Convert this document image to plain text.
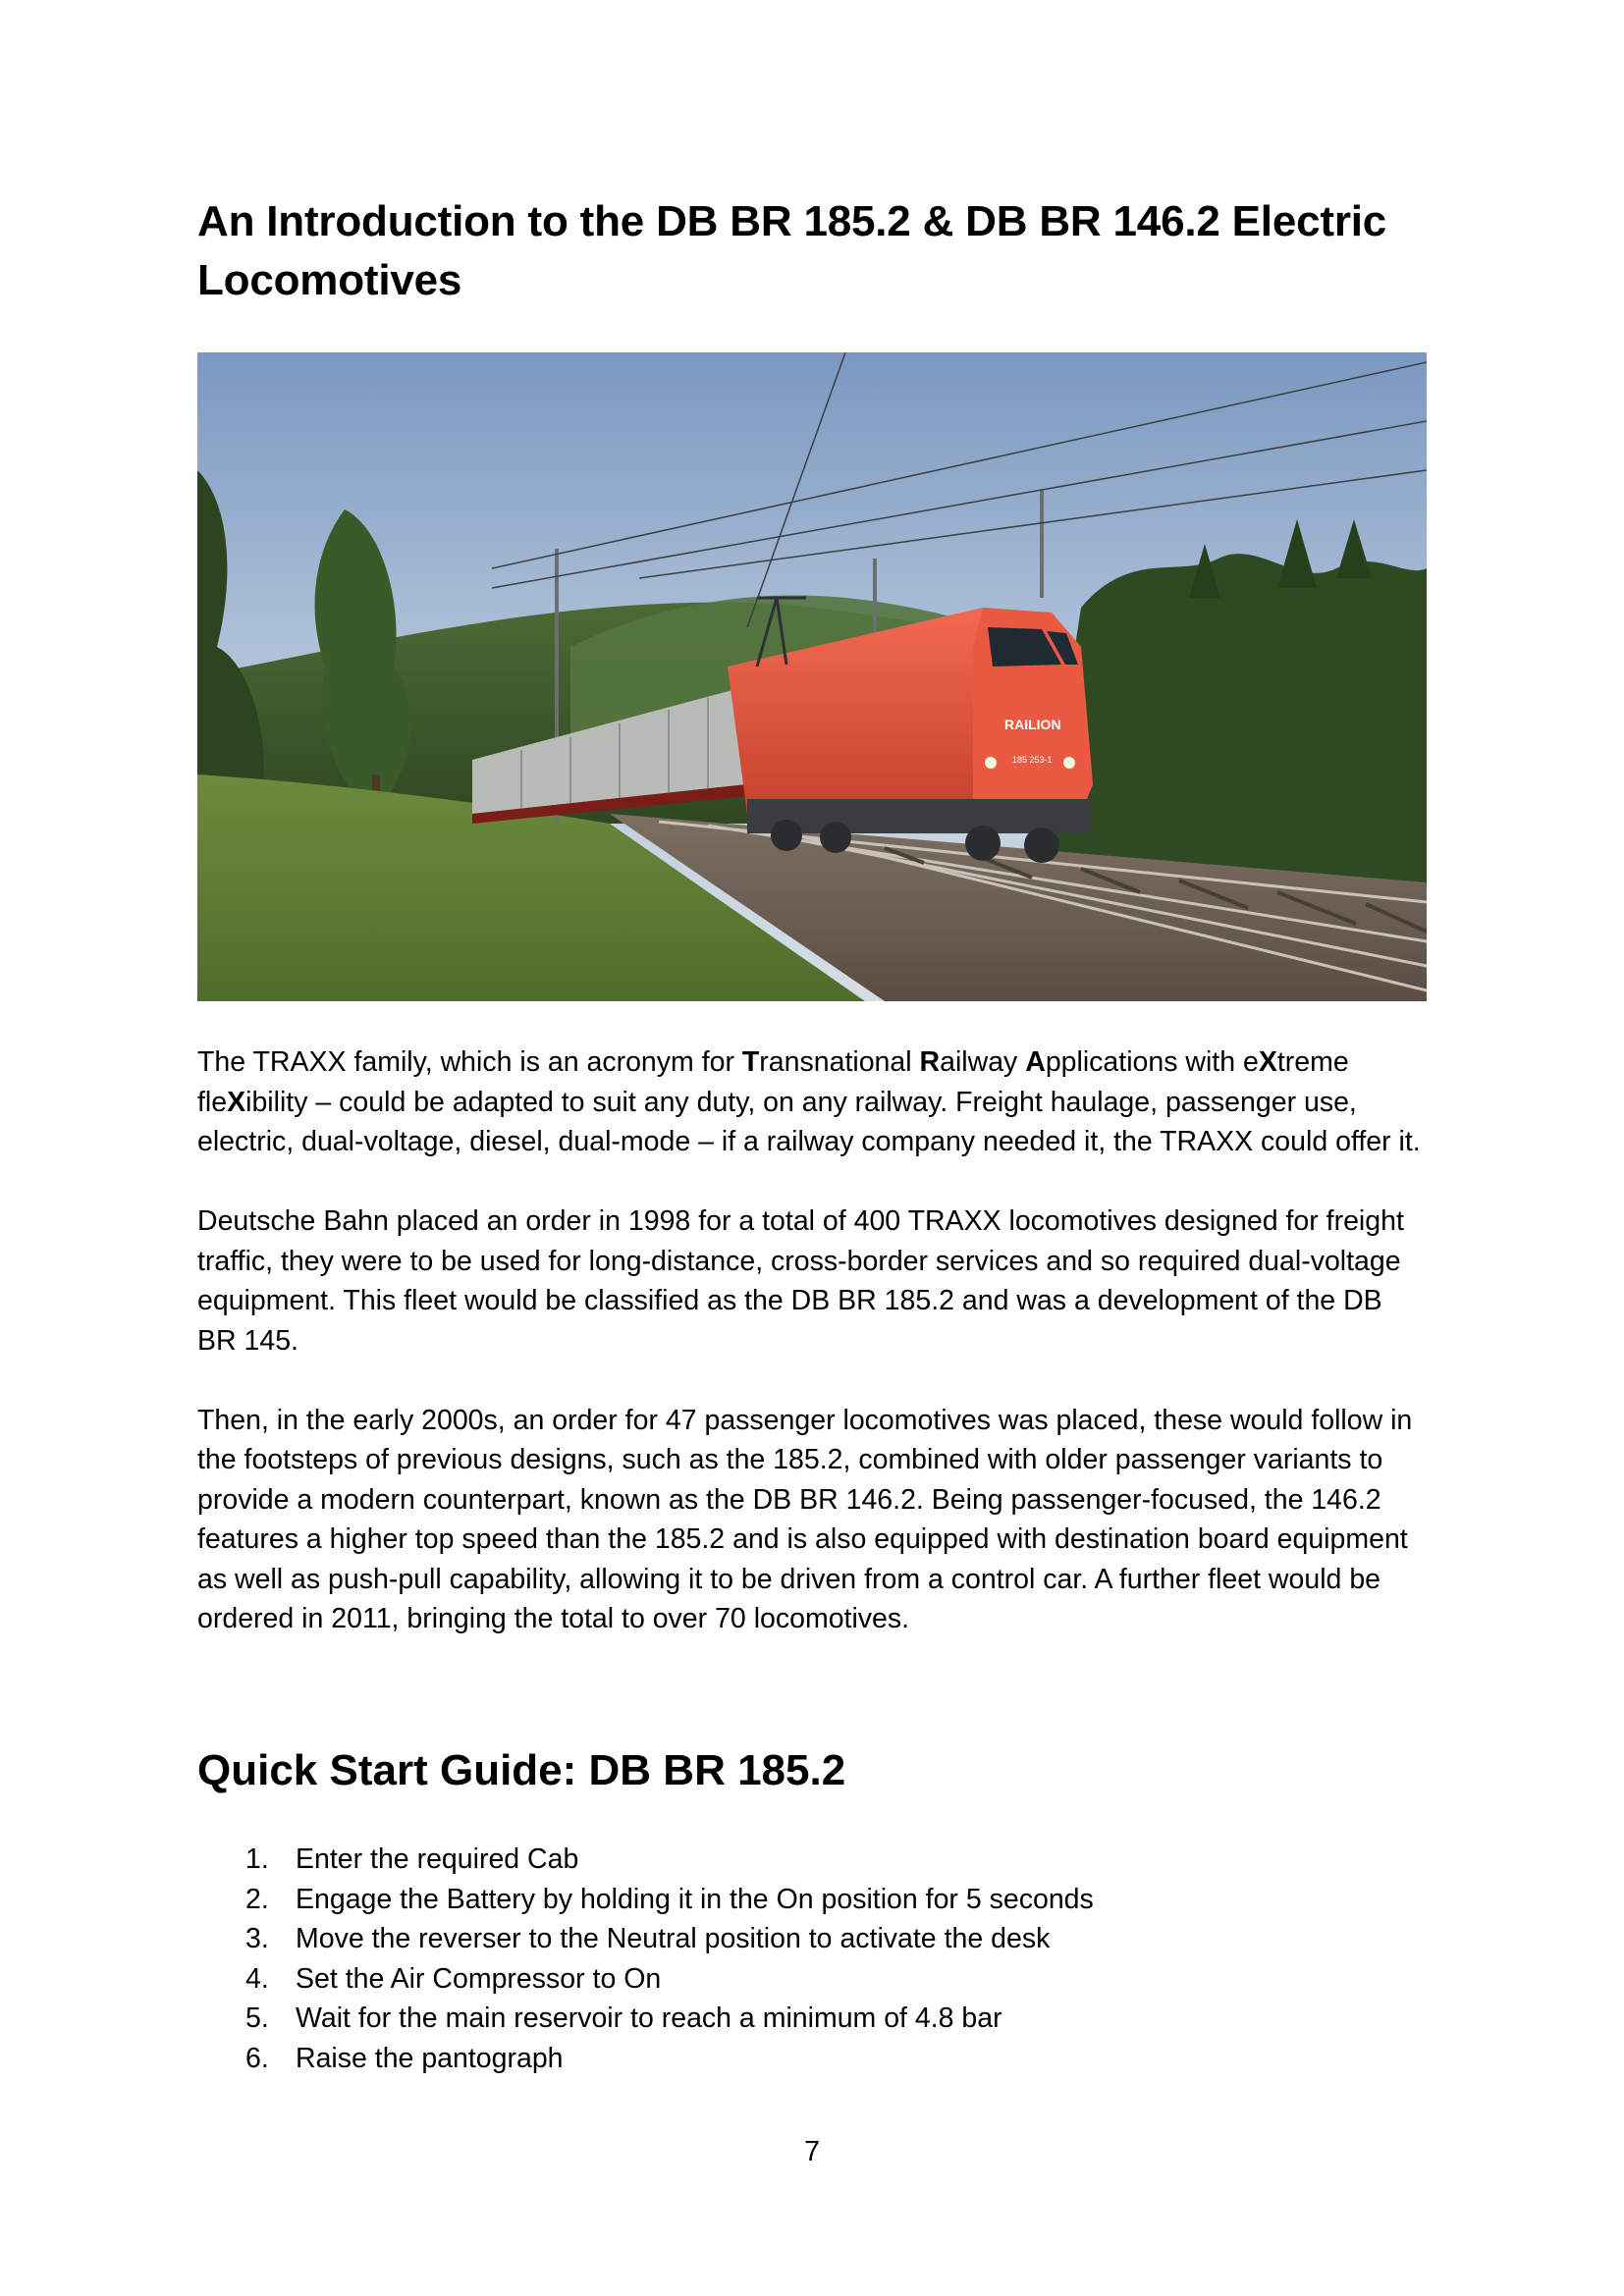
An Introduction to the DB BR 185.2 & DB BR 146.2 Electric Locomotives
RAILION
185 253-1

The TRAXX family, which is an acronym for Transnational Railway Applications with eXtreme fleXibility – could be adapted to suit any duty, on any railway. Freight haulage, passenger use, electric, dual-voltage, diesel, dual-mode – if a railway company needed it, the TRAXX could offer it.

Deutsche Bahn placed an order in 1998 for a total of 400 TRAXX locomotives designed for freight traffic, they were to be used for long-distance, cross-border services and so required dual-voltage equipment. This fleet would be classified as the DB BR 185.2 and was a development of the DB BR 145.

Then, in the early 2000s, an order for 47 passenger locomotives was placed, these would follow in the footsteps of previous designs, such as the 185.2, combined with older passenger variants to provide a modern counterpart, known as the DB BR 146.2. Being passenger-focused, the 146.2 features a higher top speed than the 185.2 and is also equipped with destination board equipment as well as push-pull capability, allowing it to be driven from a control car. A further fleet would be ordered in 2011, bringing the total to over 70 locomotives.

Quick Start Guide: DB BR 185.2
1. Enter the required Cab
2. Engage the Battery by holding it in the On position for 5 seconds
3. Move the reverser to the Neutral position to activate the desk
4. Set the Air Compressor to On
5. Wait for the main reservoir to reach a minimum of 4.8 bar
6. Raise the pantograph
7
